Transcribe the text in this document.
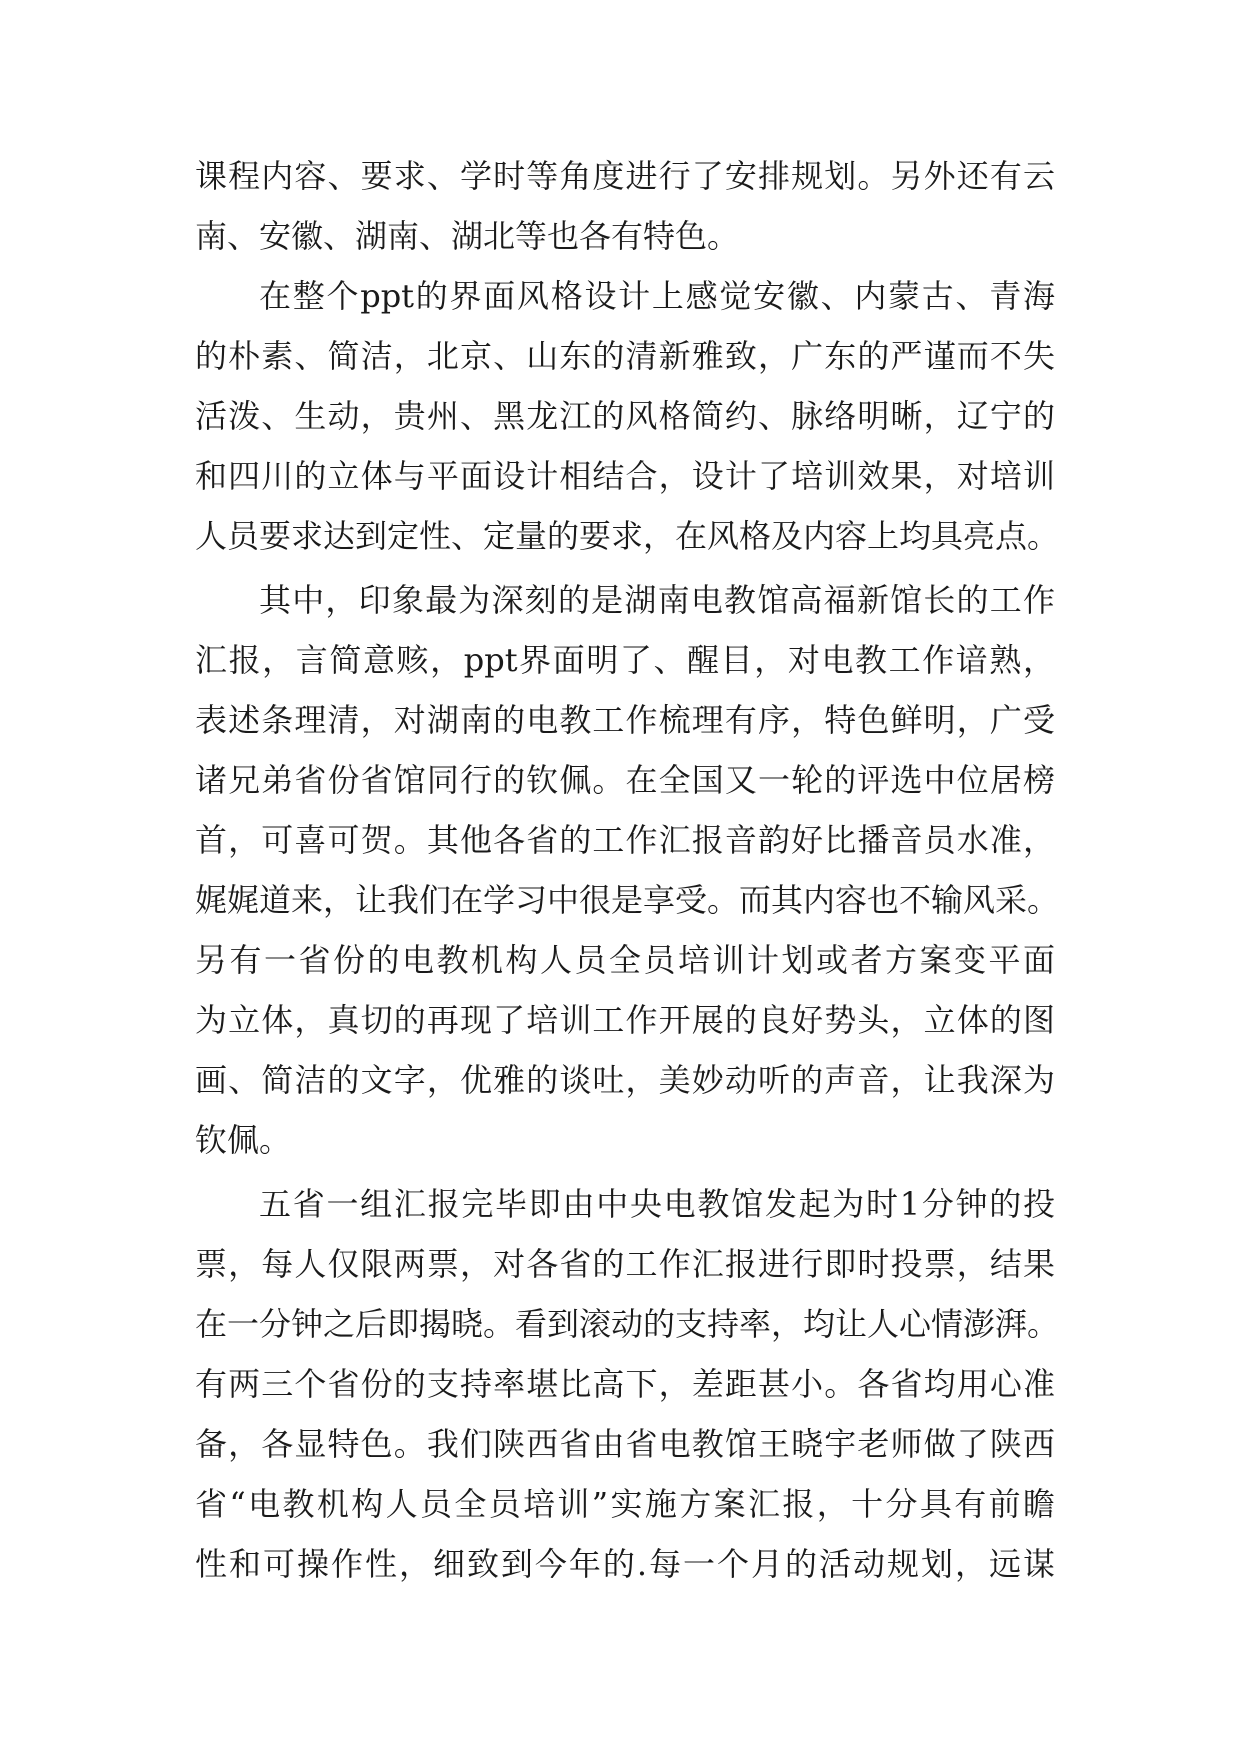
课程内容、要求、学时等角度进行了安排规划。另外还有云
南、安徽、湖南、湖北等也各有特色。
在整个ppt的界面风格设计上感觉安徽、内蒙古、青海
的朴素、简洁，北京、山东的清新雅致，广东的严谨而不失
活泼、生动，贵州、黑龙江的风格简约、脉络明晰，辽宁的
和四川的立体与平面设计相结合，设计了培训效果，对培训
人员要求达到定性、定量的要求，在风格及内容上均具亮点。
其中，印象最为深刻的是湖南电教馆高福新馆长的工作
汇报，言简意赅，ppt界面明了、醒目，对电教工作谙熟，
表述条理清，对湖南的电教工作梳理有序，特色鲜明，广受
诸兄弟省份省馆同行的钦佩。在全国又一轮的评选中位居榜
首，可喜可贺。其他各省的工作汇报音韵好比播音员水准，
娓娓道来，让我们在学习中很是享受。而其内容也不输风采。
另有一省份的电教机构人员全员培训计划或者方案变平面
为立体，真切的再现了培训工作开展的良好势头，立体的图
画、简洁的文字，优雅的谈吐，美妙动听的声音，让我深为
钦佩。
五省一组汇报完毕即由中央电教馆发起为时1分钟的投
票，每人仅限两票，对各省的工作汇报进行即时投票，结果
在一分钟之后即揭晓。看到滚动的支持率，均让人心情澎湃。
有两三个省份的支持率堪比高下，差距甚小。各省均用心准
备，各显特色。我们陕西省由省电教馆王晓宇老师做了陕西
省“电教机构人员全员培训”实施方案汇报，十分具有前瞻
性和可操作性，细致到今年的.每一个月的活动规划，远谋
